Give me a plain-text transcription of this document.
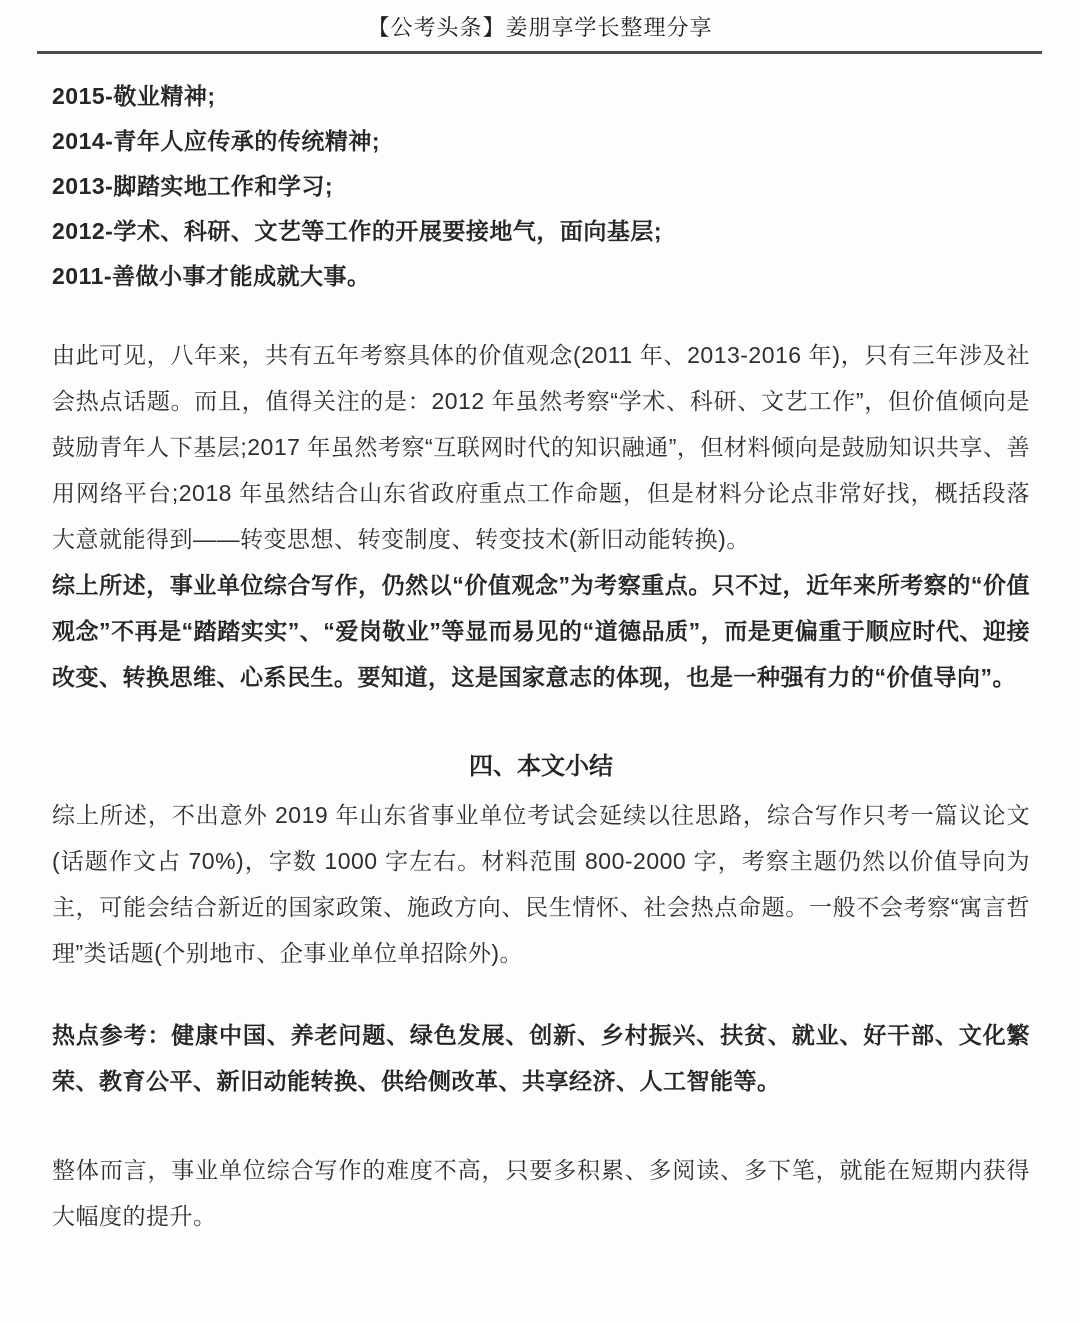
【公考头条】姜朋享学长整理分享
2015-敬业精神;
2014-青年人应传承的传统精神;
2013-脚踏实地工作和学习;
2012-学术、科研、文艺等工作的开展要接地气，面向基层;
2011-善做小事才能成就大事。

由此可见，八年来，共有五年考察具体的价值观念(2011 年、2013-2016 年)，只有三年涉及社会热点话题。而且，值得关注的是：2012 年虽然考察“学术、科研、文艺工作”，但价值倾向是鼓励青年人下基层;2017 年虽然考察“互联网时代的知识融通”，但材料倾向是鼓励知识共享、善用网络平台;2018 年虽然结合山东省政府重点工作命题，但是材料分论点非常好找，概括段落大意就能得到——转变思想、转变制度、转变技术(新旧动能转换)。

综上所述，事业单位综合写作，仍然以“价值观念”为考察重点。只不过，近年来所考察的“价值观念”不再是“踏踏实实”、“爱岗敬业”等显而易见的“道德品质”，而是更偏重于顺应时代、迎接改变、转换思维、心系民生。要知道，这是国家意志的体现，也是一种强有力的“价值导向”。

四、本文小结

综上所述，不出意外 2019 年山东省事业单位考试会延续以往思路，综合写作只考一篇议论文(话题作文占 70%)，字数 1000 字左右。材料范围 800-2000 字，考察主题仍然以价值导向为主，可能会结合新近的国家政策、施政方向、民生情怀、社会热点命题。一般不会考察“寓言哲理”类话题(个别地市、企事业单位单招除外)。

热点参考：健康中国、养老问题、绿色发展、创新、乡村振兴、扶贫、就业、好干部、文化繁荣、教育公平、新旧动能转换、供给侧改革、共享经济、人工智能等。

整体而言，事业单位综合写作的难度不高，只要多积累、多阅读、多下笔，就能在短期内获得大幅度的提升。
